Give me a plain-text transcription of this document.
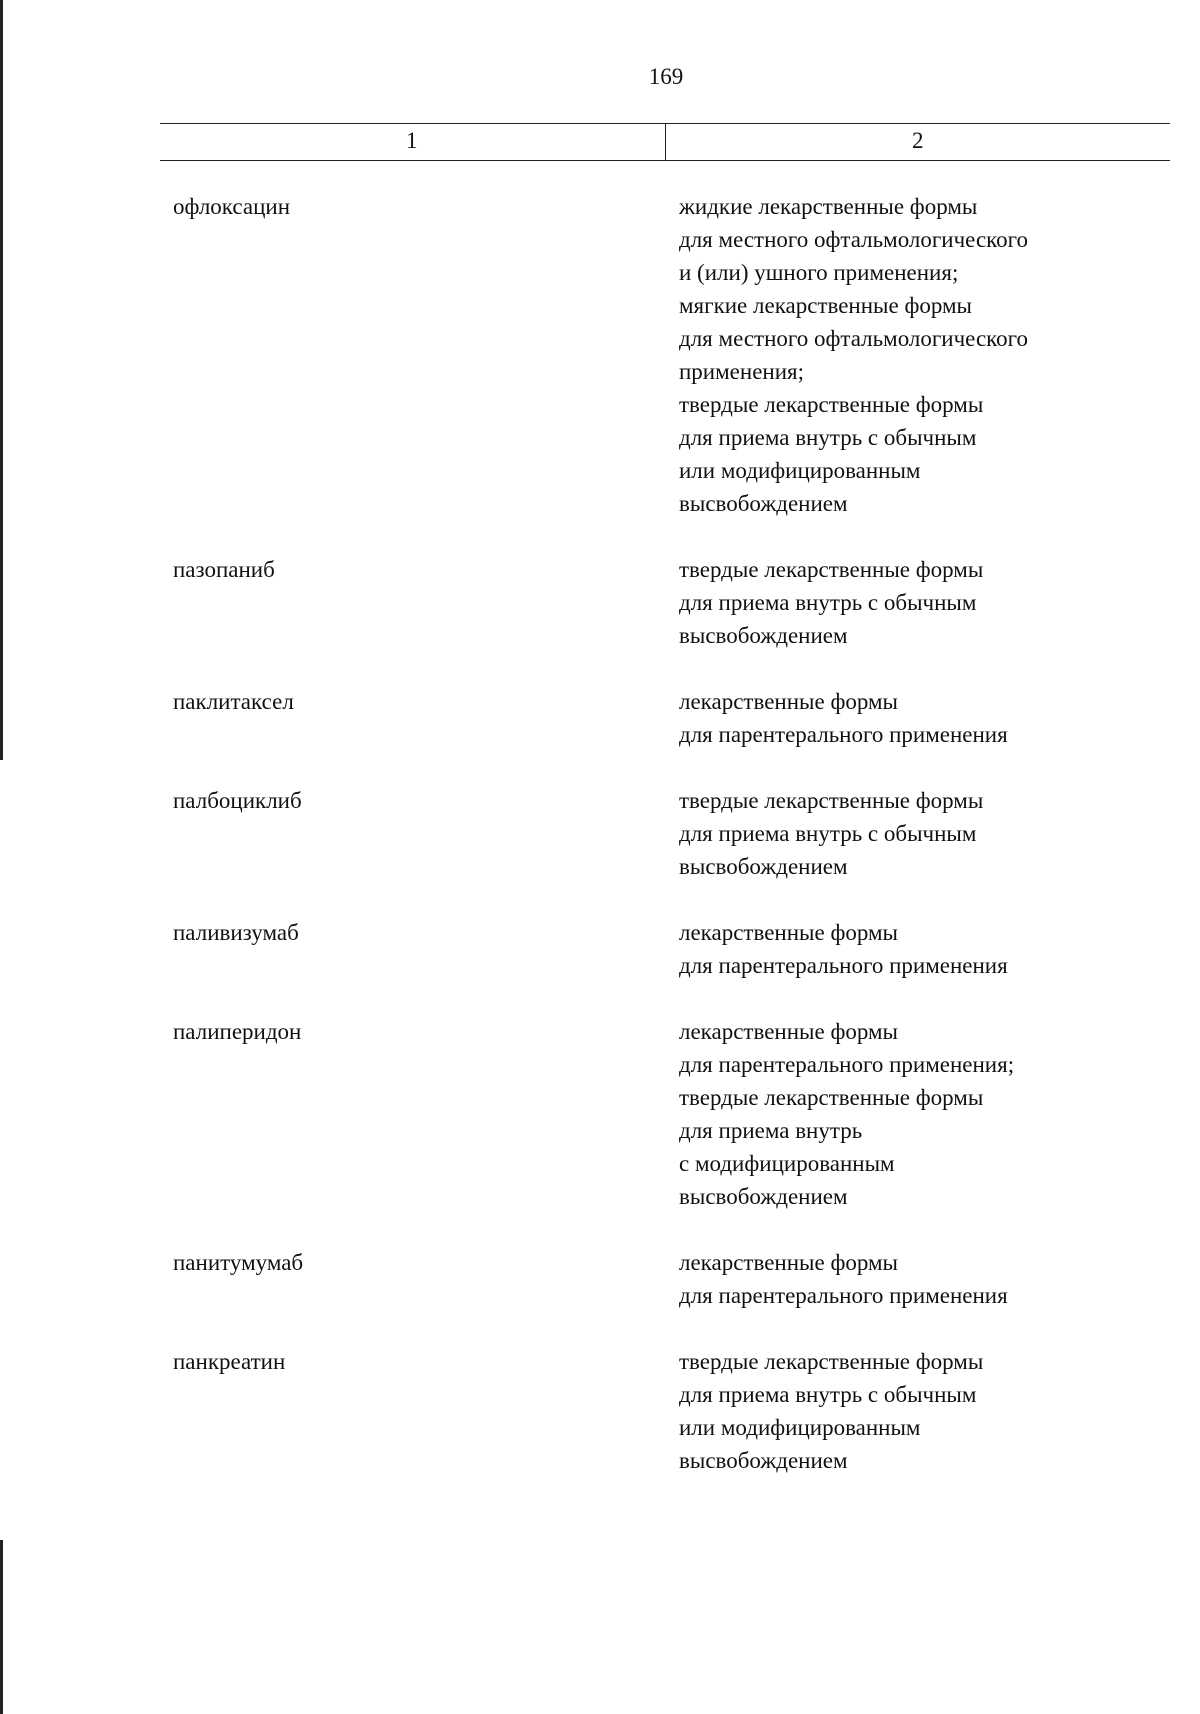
169
1	2
офлоксацин	жидкие лекарственные формы
для местного офтальмологического
и (или) ушного применения;
мягкие лекарственные формы
для местного офтальмологического
применения;
твердые лекарственные формы
для приема внутрь с обычным
или модифицированным
высвобождением
пазопаниб	твердые лекарственные формы
для приема внутрь с обычным
высвобождением
паклитаксел	лекарственные формы
для парентерального применения
палбоциклиб	твердые лекарственные формы
для приема внутрь с обычным
высвобождением
паливизумаб	лекарственные формы
для парентерального применения
палиперидон	лекарственные формы
для парентерального применения;
твердые лекарственные формы
для приема внутрь
с модифицированным
высвобождением
панитумумаб	лекарственные формы
для парентерального применения
панкреатин	твердые лекарственные формы
для приема внутрь с обычным
или модифицированным
высвобождением
